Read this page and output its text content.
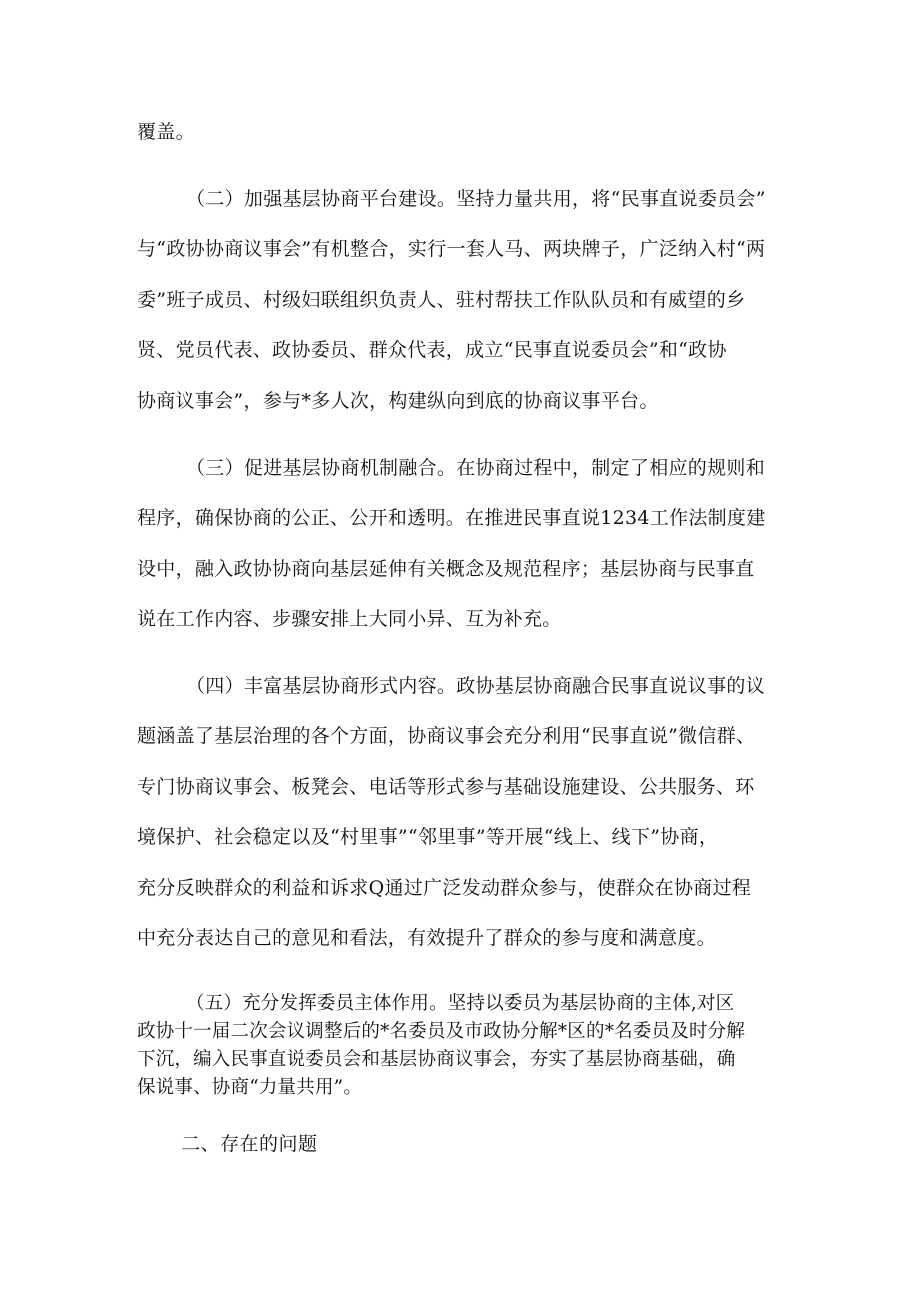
覆盖。
（二）加强基层协商平台建设。坚持力量共用，将“民事直说委员会”
与“政协协商议事会”有机整合，实行一套人马、两块牌子，广泛纳入村“两
委”班子成员、村级妇联组织负责人、驻村帮扶工作队队员和有威望的乡
贤、党员代表、政协委员、群众代表，成立“民事直说委员会”和“政协
协商议事会”，参与*多人次，构建纵向到底的协商议事平台。
（三）促进基层协商机制融合。在协商过程中，制定了相应的规则和
程序，确保协商的公正、公开和透明。在推进民事直说1234工作法制度建
设中，融入政协协商向基层延伸有关概念及规范程序；基层协商与民事直
说在工作内容、步骤安排上大同小异、互为补充。
（四）丰富基层协商形式内容。政协基层协商融合民事直说议事的议
题涵盖了基层治理的各个方面，协商议事会充分利用“民事直说”微信群、
专门协商议事会、板凳会、电话等形式参与基础设施建设、公共服务、环
境保护、社会稳定以及“村里事”“邻里事”等开展“线上、线下”协商，
充分反映群众的利益和诉求Q通过广泛发动群众参与，使群众在协商过程
中充分表达自己的意见和看法，有效提升了群众的参与度和满意度。
（五）充分发挥委员主体作用。坚持以委员为基层协商的主体,对区
政协十一届二次会议调整后的*名委员及市政协分解*区的*名委员及时分解
下沉，编入民事直说委员会和基层协商议事会，夯实了基层协商基础，确
保说事、协商“力量共用”。
二、存在的问题
